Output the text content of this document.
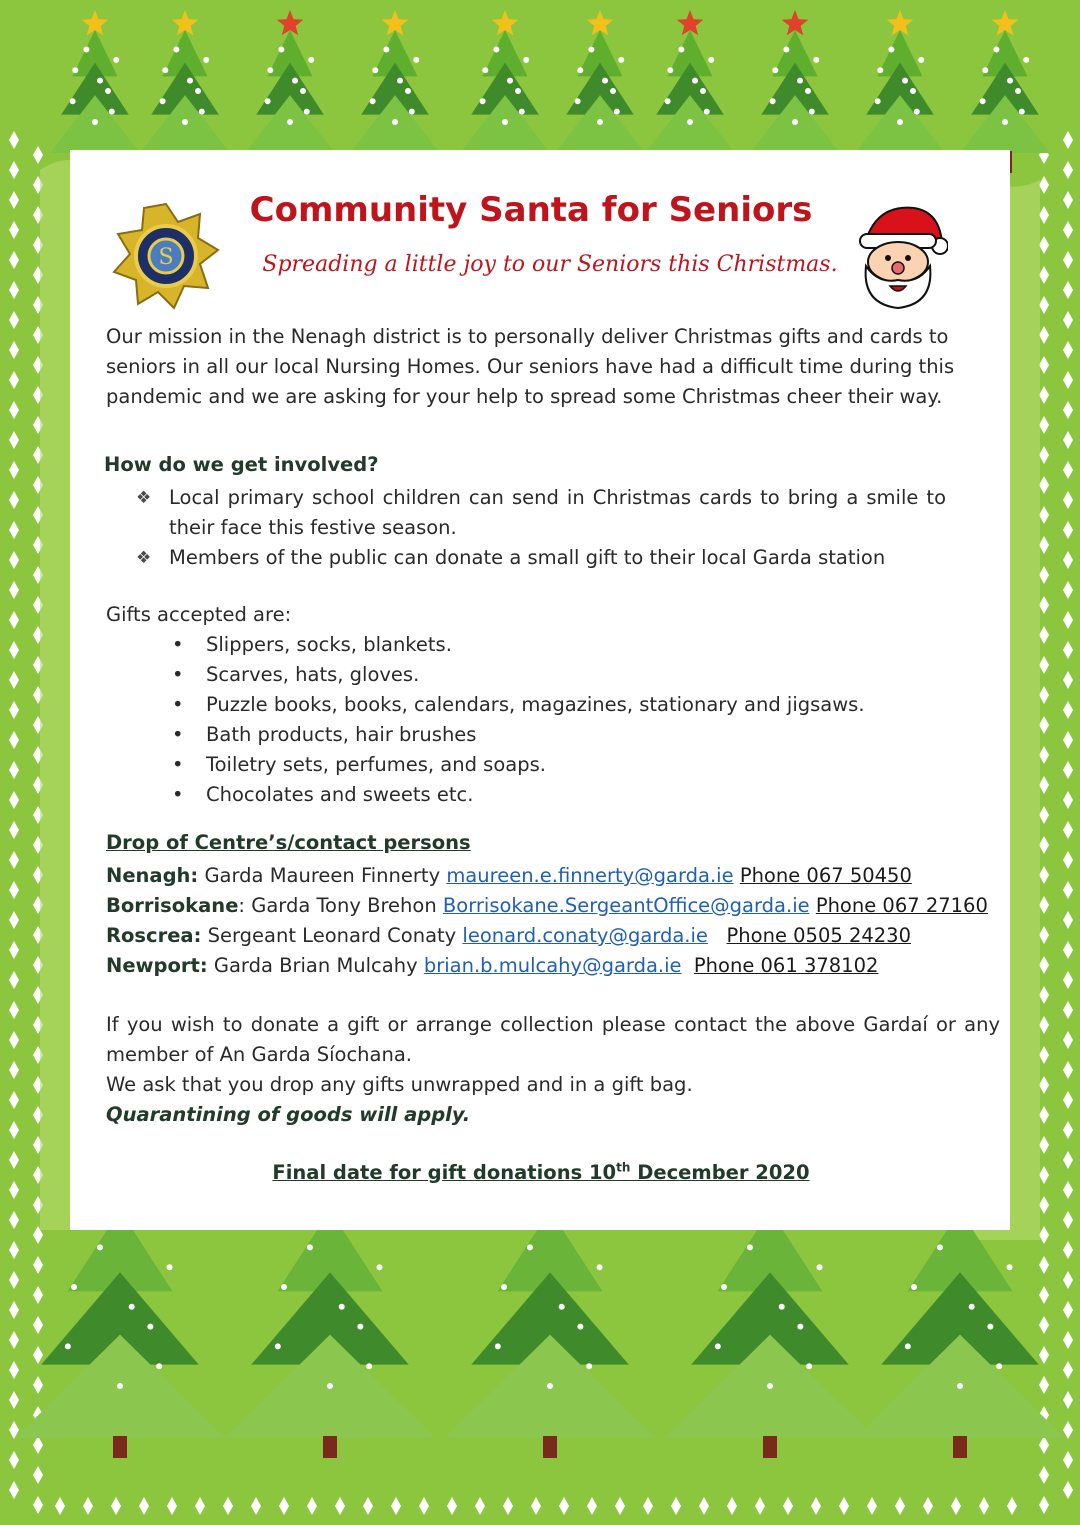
S
Community Santa for Seniors
Spreading a little joy to our Seniors this Christmas.
Our mission in the Nenagh district is to personally deliver Christmas gifts and cards to seniors in all our local Nursing Homes. Our seniors have had a difficult time during this pandemic and we are asking for your help to spread some Christmas cheer their way.
How do we get involved?
❖ Local primary school children can send in Christmas cards to bring a smile to their face this festive season.
❖ Members of the public can donate a small gift to their local Garda station
Gifts accepted are:
• Slippers, socks, blankets.
• Scarves, hats, gloves.
• Puzzle books, books, calendars, magazines, stationary and jigsaws.
• Bath products, hair brushes
• Toiletry sets, perfumes, and soaps.
• Chocolates and sweets etc.
Drop of Centre’s/contact persons
Nenagh: Garda Maureen Finnerty maureen.e.finnerty@garda.ie Phone 067 50450
Borrisokane: Garda Tony Brehon Borrisokane.SergeantOffice@garda.ie Phone 067 27160
Roscrea: Sergeant Leonard Conaty leonard.conaty@garda.ie Phone 0505 24230
Newport: Garda Brian Mulcahy brian.b.mulcahy@garda.ie Phone 061 378102
If you wish to donate a gift or arrange collection please contact the above Gardaí or any member of An Garda Síochana.
We ask that you drop any gifts unwrapped and in a gift bag.
Quarantining of goods will apply.
Final date for gift donations 10th December 2020
